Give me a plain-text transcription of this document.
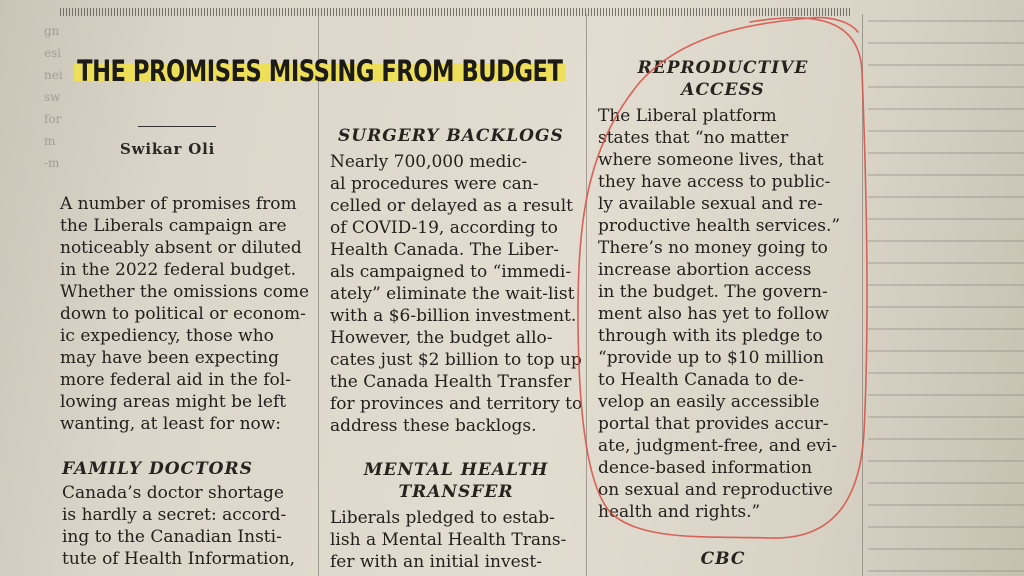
gn
esi
nei
sw
for
m
-m
THE PROMISES MISSING FROM BUDGET
Swikar Oli
A number of promises from
the Liberals campaign are
noticeably absent or diluted
in the 2022 federal budget.
Whether the omissions come
down to political or econom-
ic expediency, those who
may have been expecting
more federal aid in the fol-
lowing areas might be left
wanting, at least for now:
FAMILY DOCTORS
Canada’s doctor shortage
is hardly a secret: accord-
ing to the Canadian Insti-
tute of Health Information,
SURGERY BACKLOGS
Nearly 700,000 medic-
al procedures were can-
celled or delayed as a result
of COVID-19, according to
Health Canada. The Liber-
als campaigned to “immedi-
ately” eliminate the wait-list
with a $6-billion investment.
However, the budget allo-
cates just $2 billion to top up
the Canada Health Transfer
for provinces and territory to
address these backlogs.
MENTAL HEALTH
TRANSFER
Liberals pledged to estab-
lish a Mental Health Trans-
fer with an initial invest-
REPRODUCTIVE
ACCESS
The Liberal platform
states that “no matter
where someone lives, that
they have access to public-
ly available sexual and re-
productive health services.”
There’s no money going to
increase abortion access
in the budget. The govern-
ment also has yet to follow
through with its pledge to
“provide up to $10 million
to Health Canada to de-
velop an easily accessible
portal that provides accur-
ate, judgment-free, and evi-
dence-based information
on sexual and reproductive
health and rights.”
CBC
